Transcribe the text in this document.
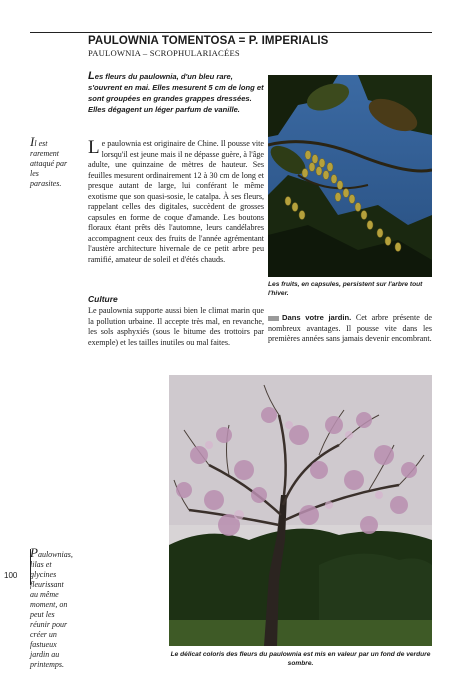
PAULOWNIA TOMENTOSA = P. IMPERIALIS
PAULOWNIA – SCROPHULARIACÉES
Les fleurs du paulownia, d'un bleu rare, s'ouvrent en mai. Elles mesurent 5 cm de long et sont groupées en grandes grappes dressées. Elles dégagent un léger parfum de vanille.
Il est rarement attaqué par les parasites.
Le paulownia est originaire de Chine. Il pousse vite lorsqu'il est jeune mais il ne dépasse guère, à l'âge adulte, une quinzaine de mètres de hauteur. Ses feuilles mesurent ordinairement 12 à 30 cm de long et presque autant de large, lui conférant le même exotisme que son quasi-sosie, le catalpa. À ses fleurs, rappelant celles des digitales, succèdent de grosses capsules en forme de coque d'amande. Les boutons floraux étant prêts dès l'automne, leurs candélabres accompagnent ceux des fruits de l'année agrémentant l'austère architecture hivernale de ce petit arbre peu ramifié, amateur de soleil et d'étés chauds.
Culture
Le paulownia supporte aussi bien le climat marin que la pollution urbaine. Il accepte très mal, en revanche, les sols asphyxiés (sous le bitume des trottoirs par exemple) et les tailles inutiles ou mal faites.
Les fruits, en capsules, persistent sur l'arbre tout l'hiver.
Dans votre jardin. Cet arbre présente de nombreux avantages. Il pousse vite dans les premières années sans jamais devenir encombrant.
Le délicat coloris des fleurs du paulownia est mis en valeur par un fond de verdure sombre.
100
Paulownias, lilas et glycines fleurissant au même moment, on peut les réunir pour créer un fastueux jardin au printemps.
